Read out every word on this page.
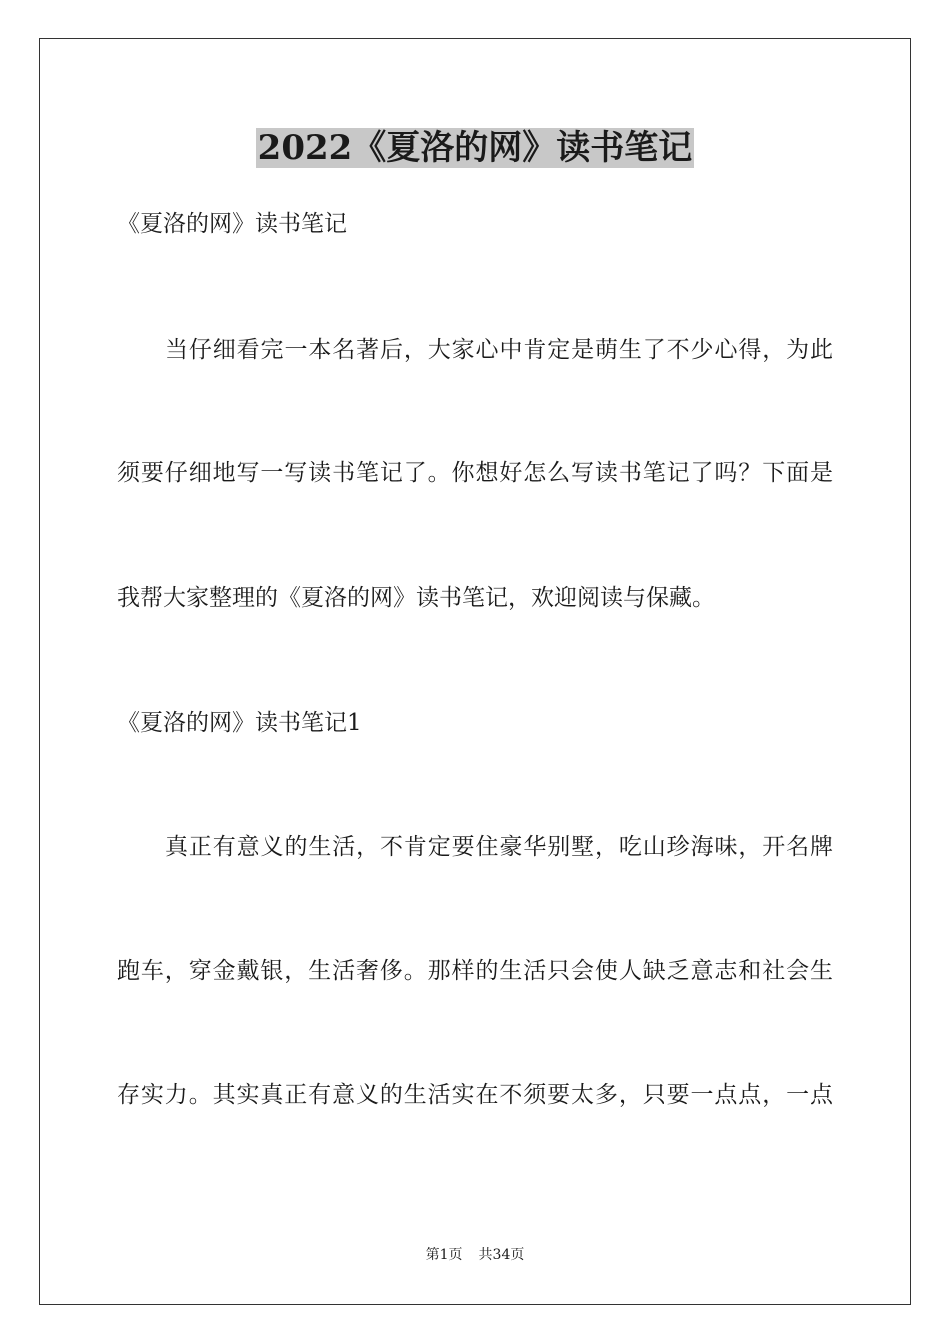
2022《夏洛的网》读书笔记
《夏洛的网》读书笔记
当仔细看完一本名著后，大家心中肯定是萌生了不少心得，为此
须要仔细地写一写读书笔记了。你想好怎么写读书笔记了吗？下面是
我帮大家整理的《夏洛的网》读书笔记，欢迎阅读与保藏。
《夏洛的网》读书笔记1
真正有意义的生活，不肯定要住豪华别墅，吃山珍海味，开名牌
跑车，穿金戴银，生活奢侈。那样的生活只会使人缺乏意志和社会生
存实力。其实真正有意义的生活实在不须要太多，只要一点点，一点
第1页 共34页
